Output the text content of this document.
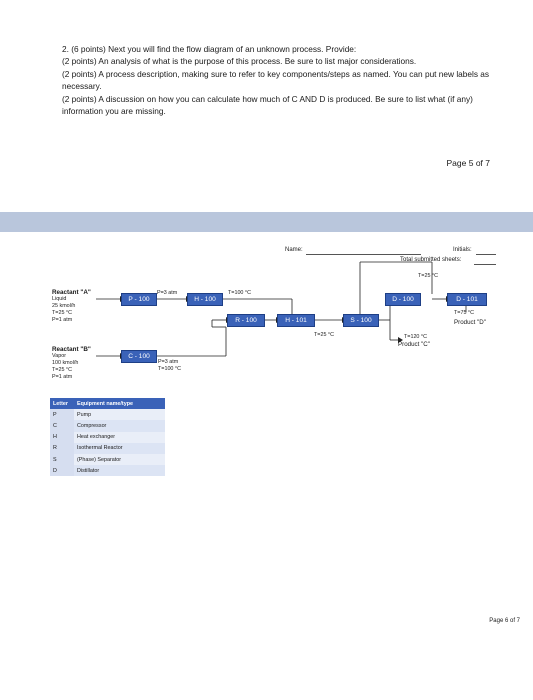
2. (6 points) Next you will find the flow diagram of an unknown process. Provide:
(2 points) An analysis of what is the purpose of this process. Be sure to list major considerations.
(2 points) A process description, making sure to refer to key components/steps as named. You can put new labels as necessary.
(2 points) A discussion on how you can calculate how much of C AND D is produced. Be sure to list what (if any) information you are missing.
Page 5 of 7
Name:	Initials:
Total submitted sheets:
Reactant "A"
Liquid
25 kmol/h
T=25 °C
P=1 atm
Reactant "B"
Vapor
100 kmol/h
T=25 °C
P=1 atm
P - 100
C - 100
H - 100
R - 100	H - 101	S - 100
D - 100	D - 101
P=3 atm	T=100 °C
P=3 atm
T=100 °C
T=25 °C
T=25 °C
T=120 °C
Product "C"
T=75 °C
Product "D"
Letter	Equipment name/type
P	Pump
C	Compressor
H	Heat exchanger
R	Isothermal Reactor
S	(Phase) Separator
D	Distillator
Page 6 of 7
